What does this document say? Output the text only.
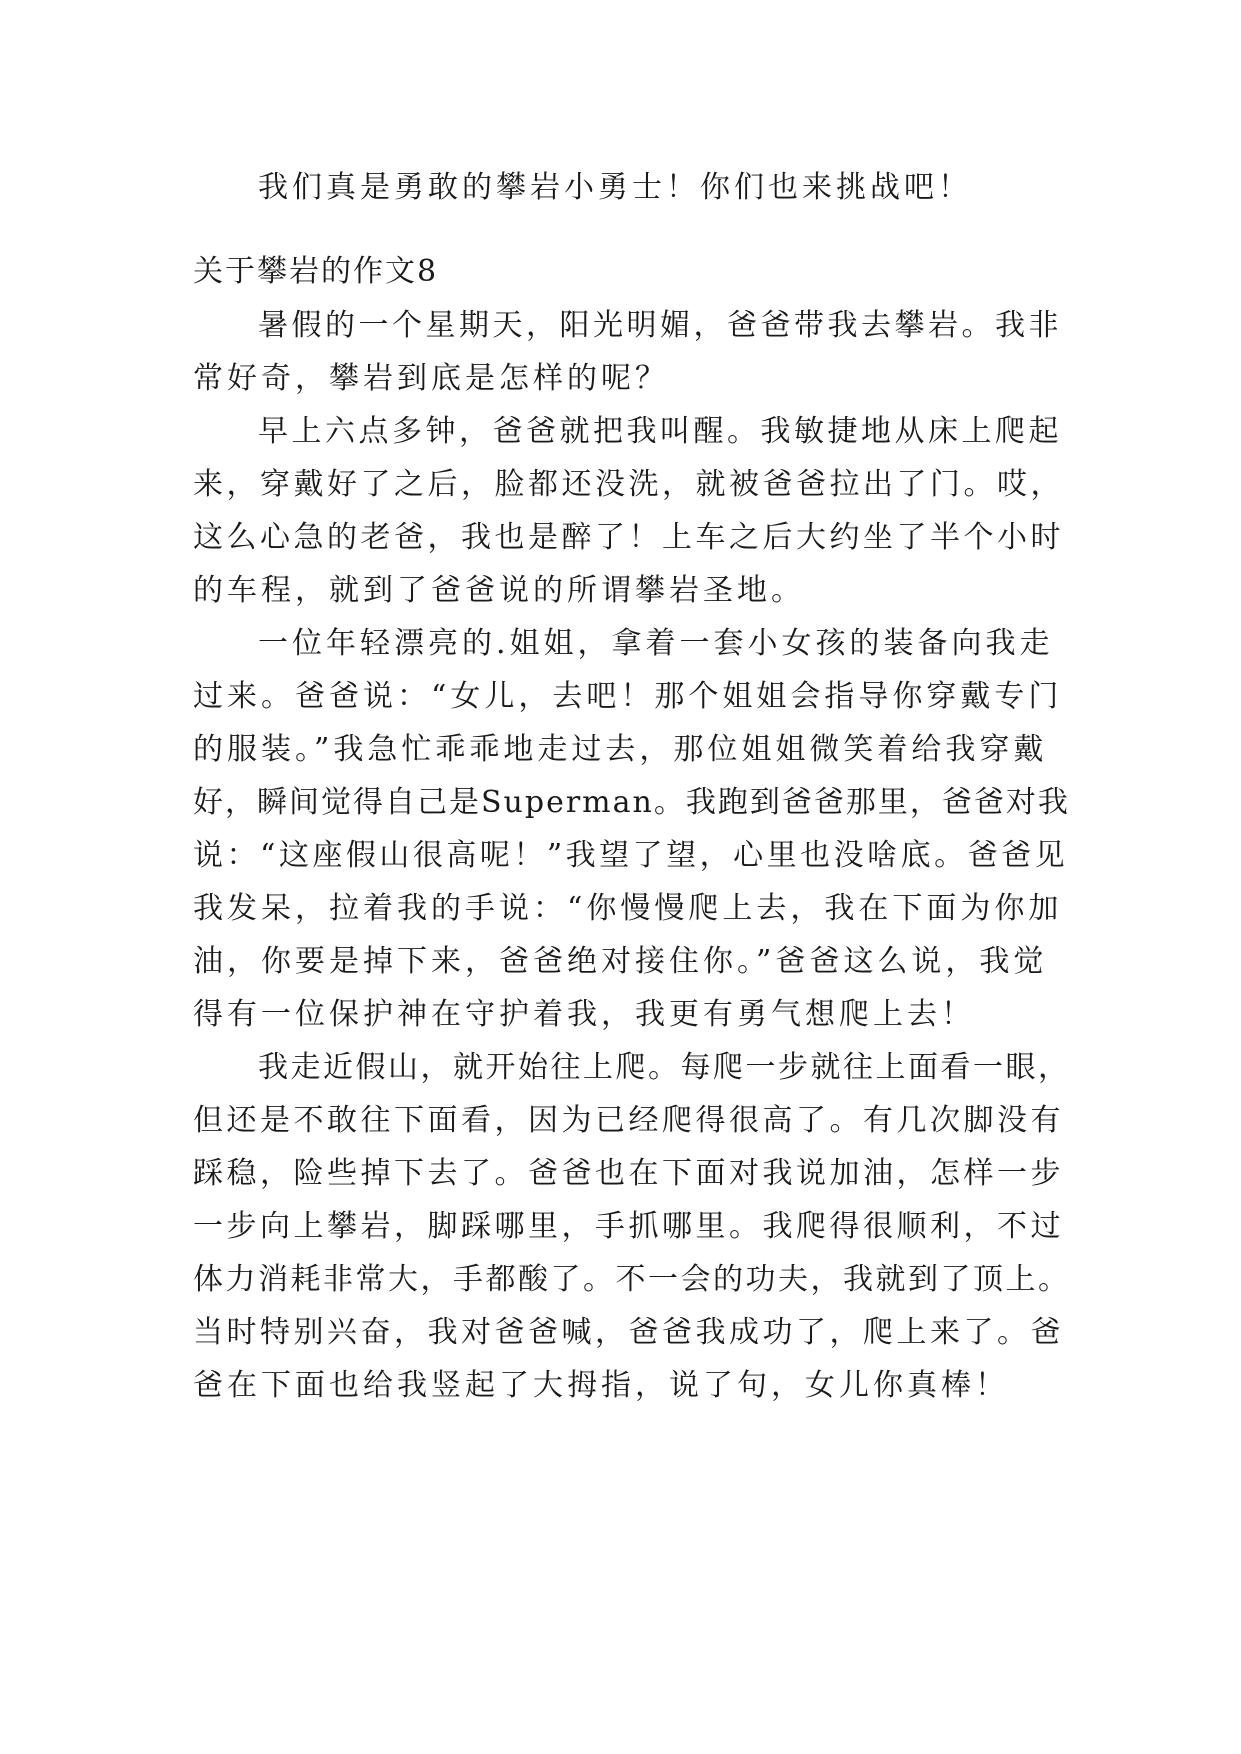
我们真是勇敢的攀岩小勇士！你们也来挑战吧！
关于攀岩的作文8
暑假的一个星期天，阳光明媚，爸爸带我去攀岩。我非
常好奇，攀岩到底是怎样的呢？
早上六点多钟，爸爸就把我叫醒。我敏捷地从床上爬起
来，穿戴好了之后，脸都还没洗，就被爸爸拉出了门。哎，
这么心急的老爸，我也是醉了！上车之后大约坐了半个小时
的车程，就到了爸爸说的所谓攀岩圣地。
一位年轻漂亮的.姐姐，拿着一套小女孩的装备向我走
过来。爸爸说：“女儿，去吧！那个姐姐会指导你穿戴专门
的服装。”我急忙乖乖地走过去，那位姐姐微笑着给我穿戴
好，瞬间觉得自己是Superman。我跑到爸爸那里，爸爸对我
说：“这座假山很高呢！”我望了望，心里也没啥底。爸爸见
我发呆，拉着我的手说：“你慢慢爬上去，我在下面为你加
油，你要是掉下来，爸爸绝对接住你。”爸爸这么说，我觉
得有一位保护神在守护着我，我更有勇气想爬上去！
我走近假山，就开始往上爬。每爬一步就往上面看一眼，
但还是不敢往下面看，因为已经爬得很高了。有几次脚没有
踩稳，险些掉下去了。爸爸也在下面对我说加油，怎样一步
一步向上攀岩，脚踩哪里，手抓哪里。我爬得很顺利，不过
体力消耗非常大，手都酸了。不一会的功夫，我就到了顶上。
当时特别兴奋，我对爸爸喊，爸爸我成功了，爬上来了。爸
爸在下面也给我竖起了大拇指，说了句，女儿你真棒！
